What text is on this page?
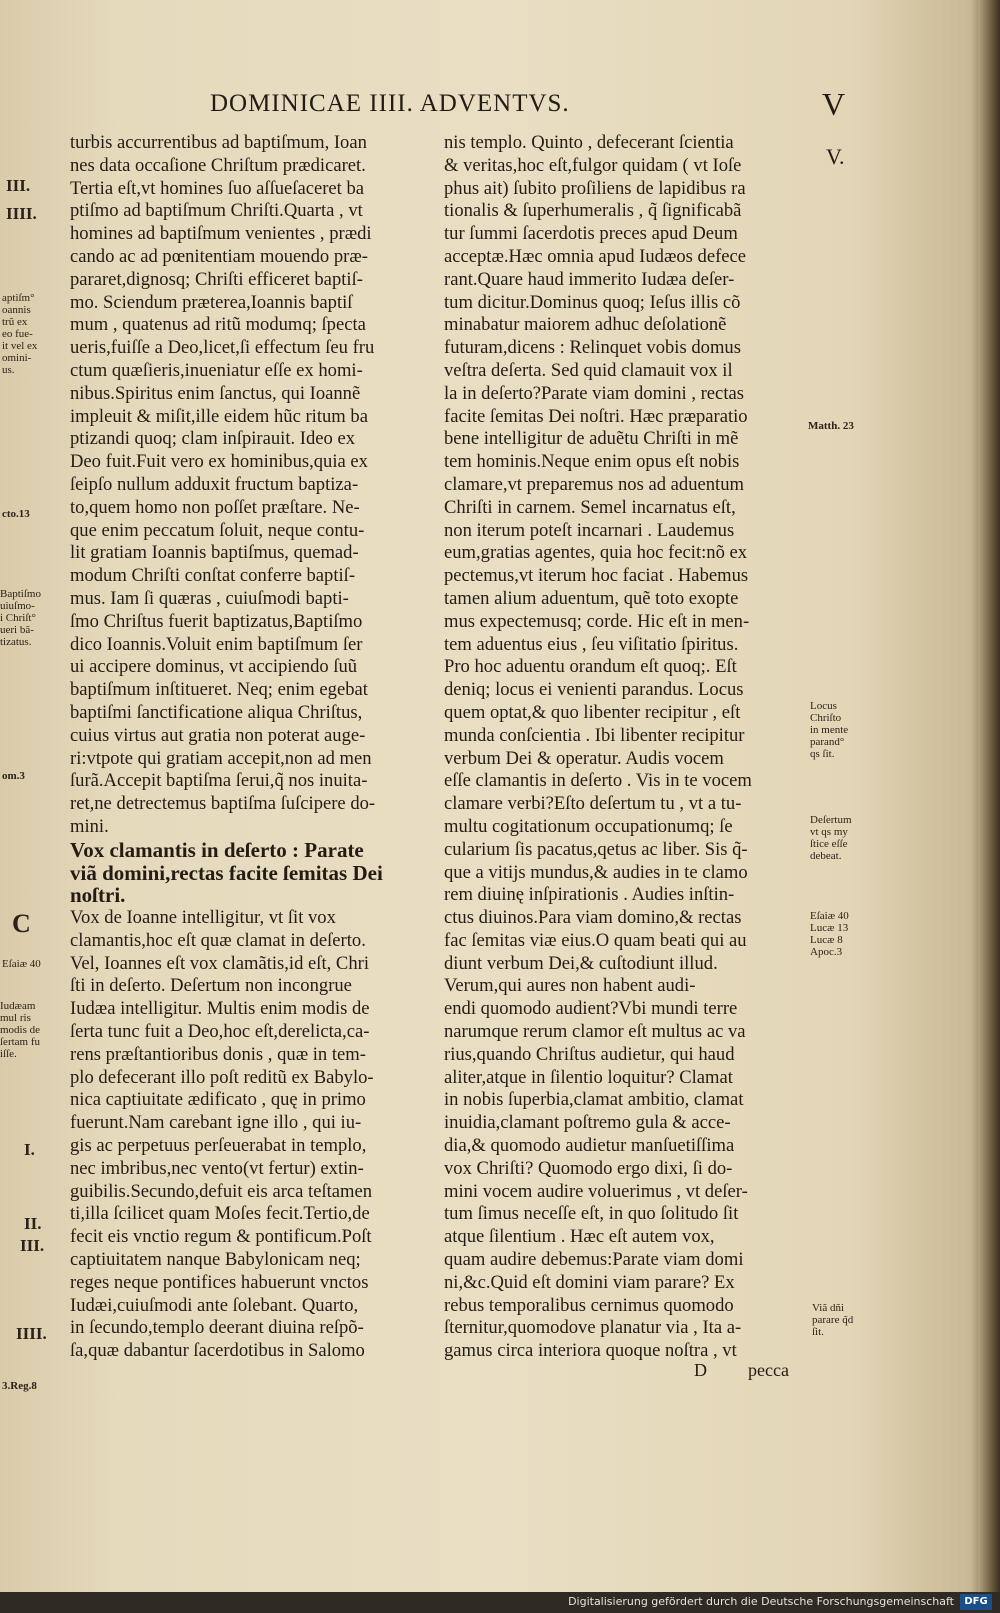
DOMINICAE IIII. ADVENTVS.	V
V.
turbis accurrentibus ad baptiſmum, Ioan
nes data occaſione Chriſtum prædicaret.
Tertia eſt,vt homines ſuo aſſueſaceret ba
ptiſmo ad baptiſmum Chriſti.Quarta , vt
homines ad baptiſmum venientes , prædi
cando ac ad pœnitentiam mouendo præ-
pararet,dignosq; Chriſti efficeret baptiſ-
mo. Sciendum præterea,Ioannis baptiſ
mum , quatenus ad ritũ modumq; ſpecta
ueris,fuiſſe a Deo,licet,ſi effectum ſeu fru
ctum quæſieris,inueniatur eſſe ex homi-
nibus.Spiritus enim ſanctus, qui Ioannẽ
impleuit & miſit,ille eidem hũc ritum ba
ptizandi quoq; clam inſpirauit. Ideo ex
Deo fuit.Fuit vero ex hominibus,quia ex
ſeipſo nullum adduxit fructum baptiza-
to,quem homo non poſſet præſtare. Ne-
que enim peccatum ſoluit, neque contu-
lit gratiam Ioannis baptiſmus, quemad-
modum Chriſti conſtat conferre baptiſ-
mus. Iam ſi quæras , cuiuſmodi bapti-
ſmo Chriſtus fuerit baptizatus,Baptiſmo
dico Ioannis.Voluit enim baptiſmum ſer
ui accipere dominus, vt accipiendo ſuũ
baptiſmum inſtitueret. Neq; enim egebat
baptiſmi ſanctificatione aliqua Chriſtus,
cuius virtus aut gratia non poterat auge-
ri:vtpote qui gratiam accepit,non ad men
ſurã.Accepit baptiſma ſerui,q̃ nos inuita-
ret,ne detrectemus baptiſma ſuſcipere do-
mini.
Vox clamantis in deſerto : Parate
viã domini,rectas facite ſemitas Dei
noſtri.
Vox de Ioanne intelligitur, vt ſit vox
clamantis,hoc eſt quæ clamat in deſerto.
Vel, Ioannes eſt vox clamãtis,id eſt, Chri
ſti in deſerto. Deſertum non incongrue
Iudæa intelligitur. Multis enim modis de
ſerta tunc fuit a Deo,hoc eſt,derelicta,ca-
rens præſtantioribus donis , quæ in tem-
plo defecerant illo poſt reditũ ex Babylo-
nica captiuitate ædificato , quę in primo
fuerunt.Nam carebant igne illo , qui iu-
gis ac perpetuus perſeuerabat in templo,
nec imbribus,nec vento(vt fertur) extin-
guibilis.Secundo,defuit eis arca teſtamen
ti,illa ſcilicet quam Moſes fecit.Tertio,de
fecit eis vnctio regum & pontificum.Poſt
captiuitatem nanque Babylonicam neq;
reges neque pontifices habuerunt vnctos
Iudæi,cuiuſmodi ante ſolebant. Quarto,
in ſecundo,templo deerant diuina reſpõ-
ſa,quæ dabantur ſacerdotibus in Salomo
nis templo. Quinto , defecerant ſcientia
& veritas,hoc eſt,fulgor quidam ( vt Ioſe
phus ait) ſubito proſiliens de lapidibus ra
tionalis & ſuperhumeralis , q̃ ſignificabã
tur ſummi ſacerdotis preces apud Deum
acceptæ.Hæc omnia apud Iudæos defece
rant.Quare haud immerito Iudæa deſer-
tum dicitur.Dominus quoq; Ieſus illis cõ
minabatur maiorem adhuc deſolationẽ
futuram,dicens : Relinquet vobis domus
veſtra deſerta. Sed quid clamauit vox il
la in deſerto?Parate viam domini , rectas
facite ſemitas Dei noſtri. Hæc præparatio
bene intelligitur de aduẽtu Chriſti in mẽ
tem hominis.Neque enim opus eſt nobis
clamare,vt preparemus nos ad aduentum
Chriſti in carnem. Semel incarnatus eſt,
non iterum poteſt incarnari . Laudemus
eum,gratias agentes, quia hoc fecit:nõ ex
pectemus,vt iterum hoc faciat . Habemus
tamen alium aduentum, quẽ toto exopte
mus expectemusq; corde. Hic eſt in men-
tem aduentus eius , ſeu viſitatio ſpiritus.
Pro hoc aduentu orandum eſt quoq;. Eſt
deniq; locus ei venienti parandus. Locus
quem optat,& quo libenter recipitur , eſt
munda conſcientia . Ibi libenter recipitur
verbum Dei & operatur. Audis vocem
eſſe clamantis in deſerto . Vis in te vocem
clamare verbi?Eſto deſertum tu , vt a tu-
multu cogitationum occupationumq; ſe
cularium ſis pacatus,qetus ac liber. Sis q̃-
que a vitijs mundus,& audies in te clamo
rem diuinę inſpirationis . Audies inſtin-
ctus diuinos.Para viam domino,& rectas
fac ſemitas viæ eius.O quam beati qui au
diunt verbum Dei,& cuſtodiunt illud.
Verum,qui aures non habent audi-
endi quomodo audient?Vbi mundi terre
narumque rerum clamor eſt multus ac va
rius,quando Chriſtus audietur, qui haud
aliter,atque in ſilentio loquitur? Clamat
in nobis ſuperbia,clamat ambitio, clamat
inuidia,clamant poſtremo gula & acce-
dia,& quomodo audietur manſuetiſſima
vox Chriſti? Quomodo ergo dixi, ſi do-
mini vocem audire voluerimus , vt deſer-
tum ſimus neceſſe eſt, in quo ſolitudo ſit
atque ſilentium . Hæc eſt autem vox,
quam audire debemus:Parate viam domi
ni,&c.Quid eſt domini viam parare? Ex
rebus temporalibus cernimus quomodo
ſternitur,quomodove planatur via , Ita a-
gamus circa interiora quoque noſtra , vt
III.
IIII.
aptiſm°
oannis
trũ ex
eo fue-
it vel ex
omini-
us.
cto.13
Baptiſmo
uiuſmo-
i Chriſt°
ueri bã-
tizatus.
om.3
C
Eſaiæ 40
Iudæam
mul ris
modis de
ſertam fu
iſſe.
I.
II.
III.
IIII.
3.Reg.8
Matth. 23
Locus
Chriſto
in mente
parand°
qs ſit.
Deſertum
vt qs my
ſtice eſſe
debeat.
Eſaiæ 40
Lucæ 13
Lucæ 8
Apoc.3
Viã dñi
parare q̃d
ſit.
D pecca
Digitalisierung gefördert durch die Deutsche Forschungsgemeinschaft	DFG
